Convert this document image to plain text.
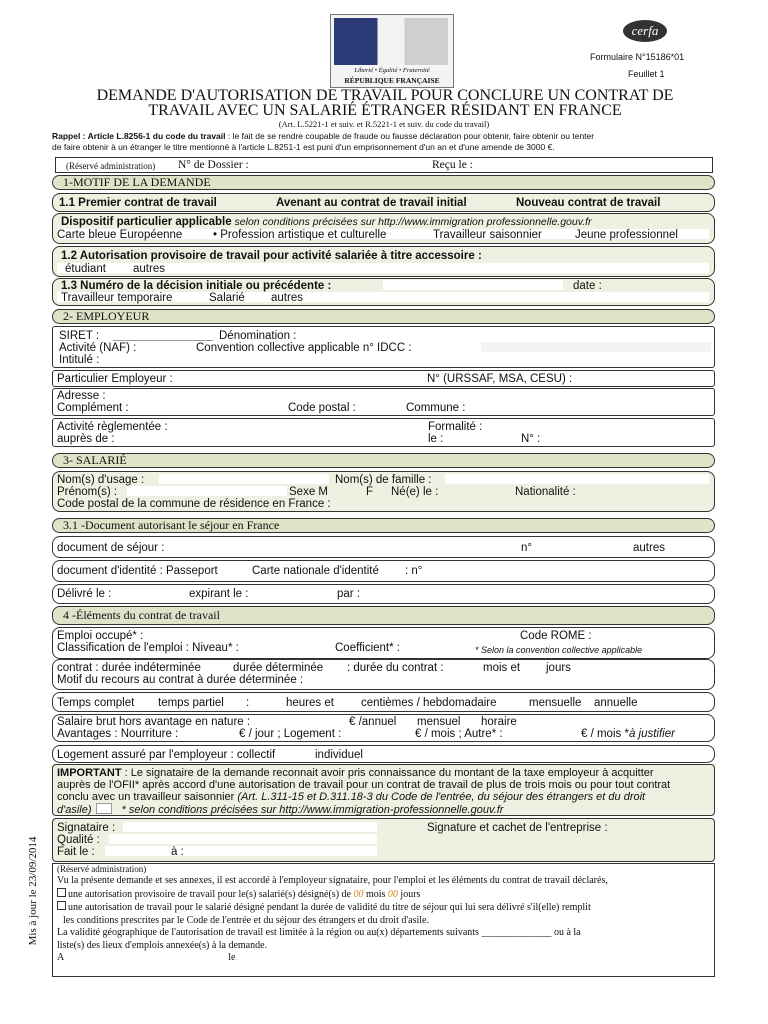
Liberté • Égalité • Fraternité
RÉPUBLIQUE FRANÇAISE
cerfa
Formulaire N°15186*01
Feuillet 1
DEMANDE D'AUTORISATION DE TRAVAIL POUR CONCLURE UN CONTRAT DE
TRAVAIL AVEC UN SALARIÉ ÉTRANGER RÉSIDANT EN FRANCE
(Art. L.5221-1 et suiv. et R.5221-1 et suiv. du code du travail)
Rappel : Article L.8256-1 du code du travail : le fait de se rendre coupable de fraude ou fausse déclaration pour obtenir, faire obtenir ou tenter
de faire obtenir à un étranger le titre mentionné à l'article L.8251-1 est puni d'un emprisonnement d'un an et d'une amende de 3000 €.
(Réservé administration) N° de Dossier :	Reçu le :
1-MOTIF DE LA DEMANDE
1.1 Premier contrat de travail	Avenant au contrat de travail initial	Nouveau contrat de travail
Dispositif particulier applicable selon conditions précisées sur http://www.immigration professionnelle.gouv.fr
Carte bleue Européenne	• Profession artistique et culturelle	Travailleur saisonnier	Jeune professionnel
1.2 Autorisation provisoire de travail pour activité salariée à titre accessoire :
étudiant autres
1.3 Numéro de la décision initiale ou précédente :	date :
Travailleur temporaire	Salarié autres
2- EMPLOYEUR
SIRET :	Dénomination :
Activité (NAF) :	Convention collective applicable n° IDCC :
Intitulé :
Particulier Employeur :	N° (URSSAF, MSA, CESU) :
Adresse :
Complément :	Code postal :	Commune :
Activité règlementée :	Formalité :
auprès de :	le :	N° :
3- SALARIÉ
Nom(s) d'usage :	Nom(s) de famille :
Prénom(s) :	Sexe M	F Né(e) le :	Nationalité :
Code postal de la commune de résidence en France :
3.1 -Document autorisant le séjour en France
document de séjour :	n°	autres
document d'identité : Passeport	Carte nationale d'identité : n°
Délivré le :	expirant le :	par :
4 -Éléments du contrat de travail
Emploi occupé* :	Code ROME :
Classification de l'emploi : Niveau* :	Coefficient* :	* Selon la convention collective applicable
contrat : durée indéterminée	durée déterminée : durée du contrat :	mois et jours
Motif du recours au contrat à durée déterminée :
Temps complet temps partiel :	heures et centièmes / hebdomadaire	mensuelle annuelle
Salaire brut hors avantage en nature :	€ /annuel mensuel horaire
Avantages : Nourriture :	€ / jour ; Logement :	€ / mois ; Autre* :	€ / mois *à justifier
Logement assuré par l'employeur : collectif	individuel
IMPORTANT : Le signataire de la demande reconnait avoir pris connaissance du montant de la taxe employeur à acquitter
auprès de l'OFII* après accord d'une autorisation de travail pour un contrat de travail de plus de trois mois ou pour tout contrat
conclu avec un travailleur saisonnier (Art. L.311-15 et D.311.18-3 du Code de l'entrée, du séjour des étrangers et du droit
d'asile)	* selon conditions précisées sur http://www.immigration-professionnelle.gouv.fr
Signataire :
Qualité :
Fait le :	à :
Signature et cachet de l'entreprise :
(Réservé administration)
Vu la présente demande et ses annexes, il est accordé à l'employeur signataire, pour l'emploi et les éléments du contrat de travail déclarés,
une autorisation provisoire de travail pour le(s) salarié(s) désigné(s) de 00 mois 00 jours
une autorisation de travail pour le salarié désigné pendant la durée de validité du titre de séjour qui lui sera délivré s'il(elle) remplit
les conditions prescrites par le Code de l'entrée et du séjour des étrangers et du droit d'asile.
La validité géographique de l'autorisation de travail est limitée à la région ou au(x) départements suivants ______________ ou à la
liste(s) des lieux d'emplois annexée(s) à la demande.
A	le
Mis à jour le 23/09/2014
